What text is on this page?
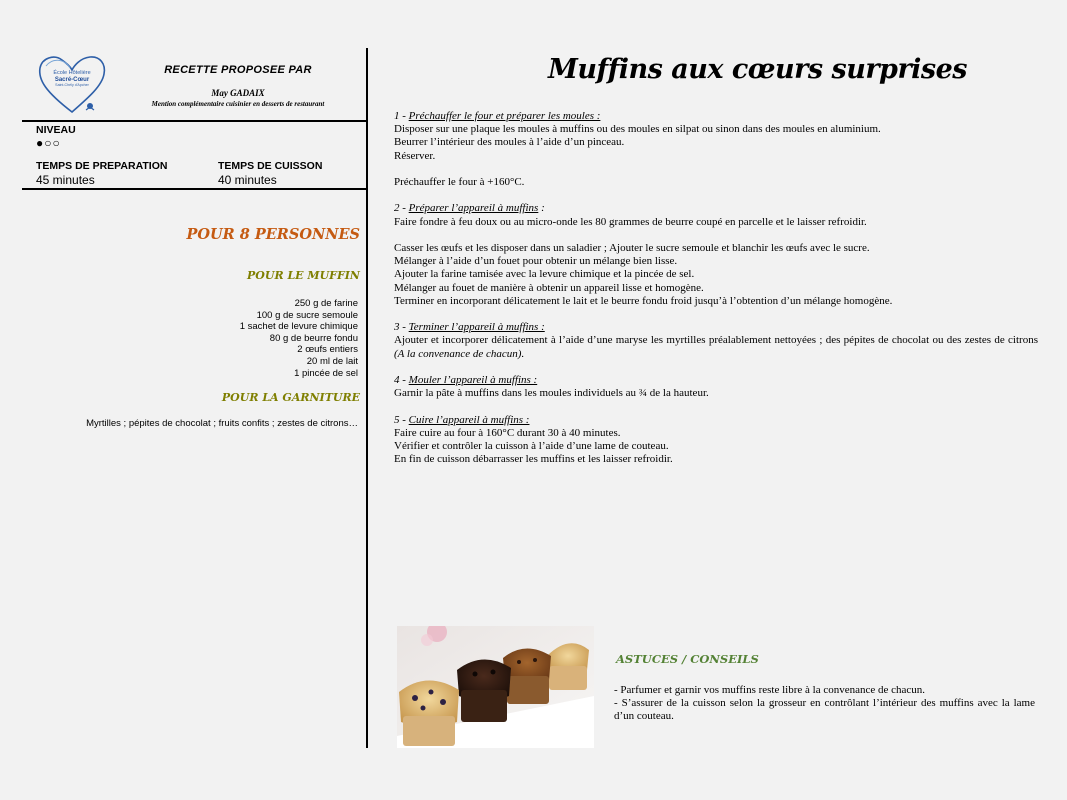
École Hôtelière
Sacré-Cœur
Saint-Chély d'Apcher
RECETTE PROPOSEE PAR
May GADAIX
Mention complémentaire cuisinier en desserts de restaurant
NIVEAU
●○○
TEMPS DE PREPARATION
45 minutes
TEMPS DE CUISSON
40 minutes
POUR 8 PERSONNES
POUR LE MUFFIN
250 g de farine
100 g de sucre semoule
1 sachet de levure chimique
80 g de beurre fondu
2 œufs entiers
20 ml de lait
1 pincée de sel
POUR LA GARNITURE
Myrtilles ; pépites de chocolat ; fruits confits ; zestes de citrons…
Muffins aux cœurs surprises

1 - Préchauffer le four et préparer les moules :

Disposer sur une plaque les moules à muffins ou des moules en silpat ou sinon dans des moules en aluminium.

Beurrer l’intérieur des moules à l’aide d’un pinceau.

Réserver.

Préchauffer le four à +160°C.

2 - Préparer l’appareil à muffins :

Faire fondre à feu doux ou au micro-onde les 80 grammes de beurre coupé en parcelle et le laisser refroidir.

Casser les œufs et les disposer dans un saladier ; Ajouter le sucre semoule et blanchir les œufs avec le sucre.

Mélanger à l’aide d’un fouet pour obtenir un mélange bien lisse.

Ajouter la farine tamisée avec la levure chimique et la pincée de sel.

Mélanger au fouet de manière à obtenir un appareil lisse et homogène.

Terminer en incorporant délicatement le lait et le beurre fondu froid jusqu’à l’obtention d’un mélange homogène.

3 - Terminer l’appareil à muffins :

Ajouter et incorporer délicatement à l’aide d’une maryse les myrtilles préalablement nettoyées ; des pépites de chocolat ou des zestes de citrons (A la convenance de chacun).

4 - Mouler l’appareil à muffins :

Garnir la pâte à muffins dans les moules individuels au ¾ de la hauteur.

5 - Cuire l’appareil à muffins :

Faire cuire au four à 160°C durant 30 à 40 minutes.

Vérifier et contrôler la cuisson à l’aide d’une lame de couteau.

En fin de cuisson débarrasser les muffins et les laisser refroidir.

ASTUCES / CONSEILS

- Parfumer et garnir vos muffins reste libre à la convenance de chacun.

- S’assurer de la cuisson selon la grosseur en contrôlant l’intérieur des muffins avec la lame d’un couteau.
